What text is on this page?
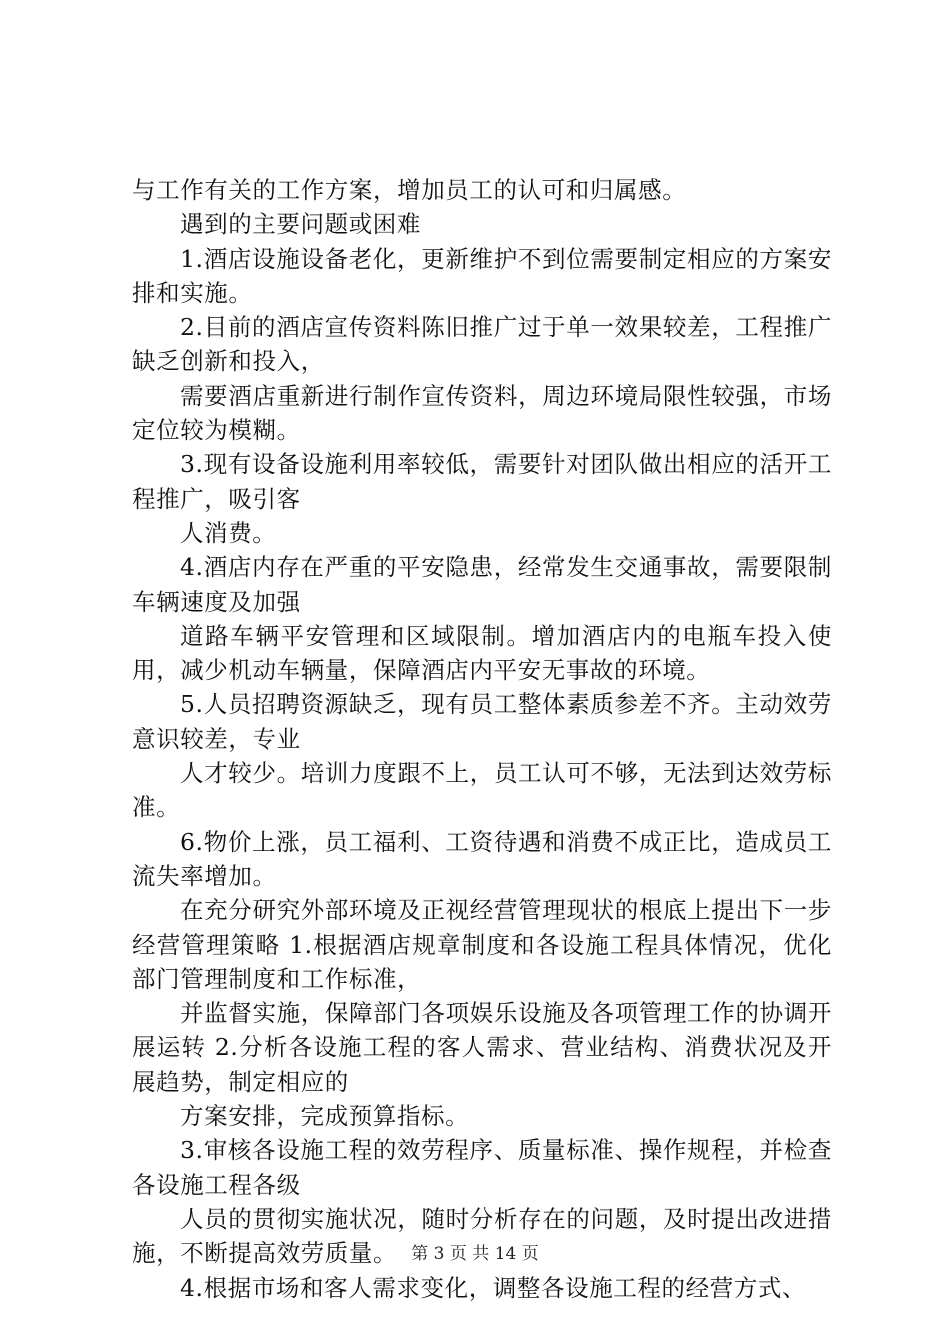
与工作有关的工作方案，增加员工的认可和归属感。

遇到的主要问题或困难

1.酒店设施设备老化，更新维护不到位需要制定相应的方案安排和实施。

2.目前的酒店宣传资料陈旧推广过于单一效果较差，工程推广缺乏创新和投入，

需要酒店重新进行制作宣传资料，周边环境局限性较强，市场定位较为模糊。

3.现有设备设施利用率较低，需要针对团队做出相应的活开工程推广，吸引客

人消费。

4.酒店内存在严重的平安隐患，经常发生交通事故，需要限制车辆速度及加强

道路车辆平安管理和区域限制。增加酒店内的电瓶车投入使用，减少机动车辆量，保障酒店内平安无事故的环境。

5.人员招聘资源缺乏，现有员工整体素质参差不齐。主动效劳意识较差，专业

人才较少。培训力度跟不上，员工认可不够，无法到达效劳标准。

6.物价上涨，员工福利、工资待遇和消费不成正比，造成员工流失率增加。

在充分研究外部环境及正视经营管理现状的根底上提出下一步经营管理策略 1.根据酒店规章制度和各设施工程具体情况，优化部门管理制度和工作标准，

并监督实施，保障部门各项娱乐设施及各项管理工作的协调开展运转 2.分析各设施工程的客人需求、营业结构、消费状况及开展趋势，制定相应的

方案安排，完成预算指标。

3.审核各设施工程的效劳程序、质量标准、操作规程，并检查各设施工程各级

人员的贯彻实施状况，随时分析存在的问题，及时提出改进措施，不断提高效劳质量。

4.根据市场和客人需求变化，调整各设施工程的经营方式、

第 3 页 共 14 页
